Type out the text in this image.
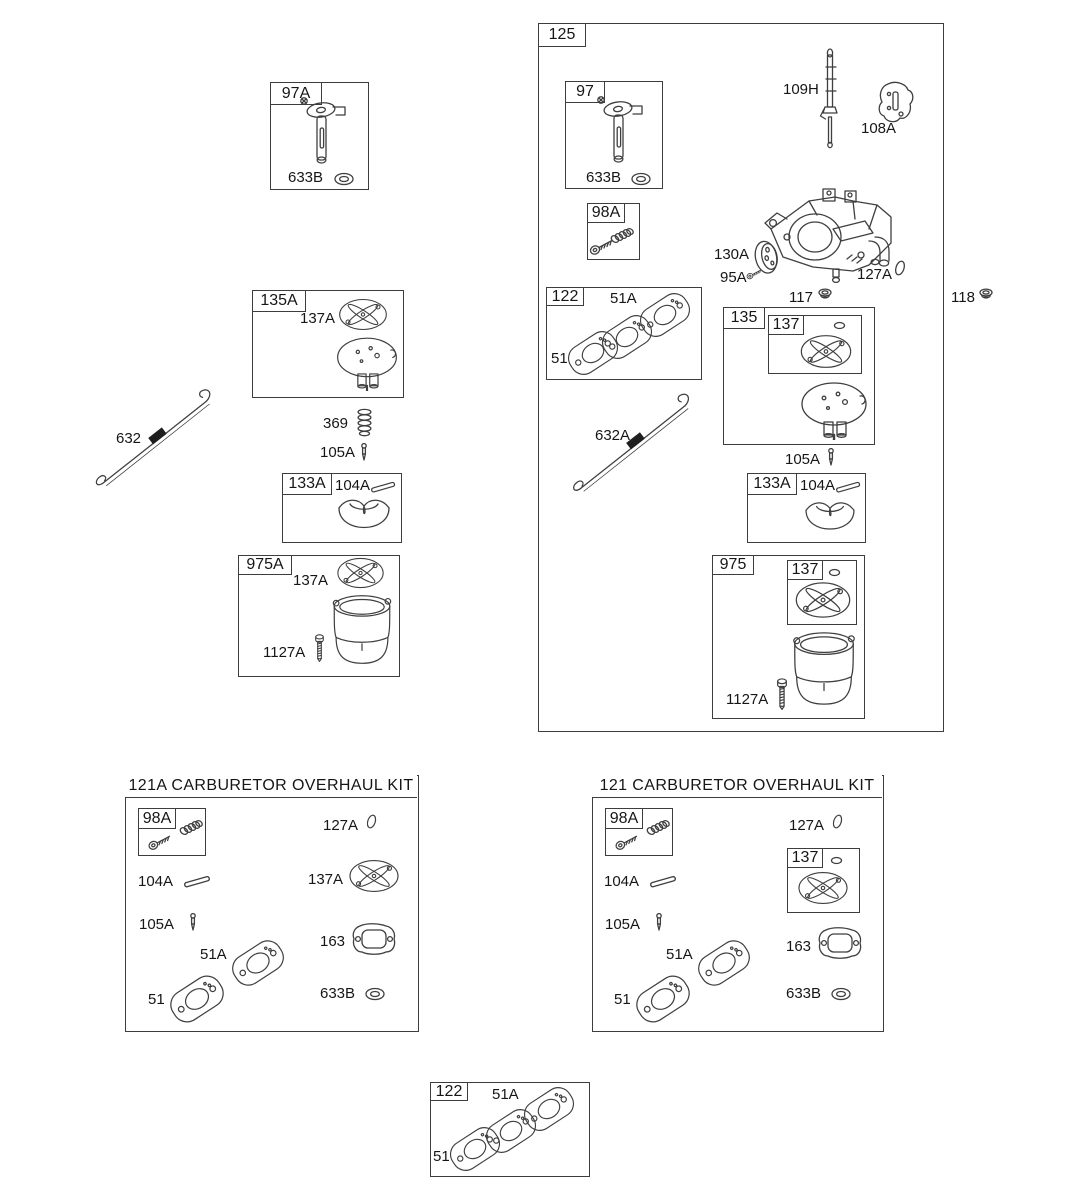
97A
633B
125
97
633B
109H
108A
98A
130A
95A	127A
117	118
122	51A
51
135 137
632A
105A
133A 104A
975	137
1127A
135A
137A
369
105A
133A 104A
632
975A
137A
1127A
121A CARBURETOR OVERHAUL KIT
98A	127A
104A	137A
105A
51A
51
163
633B
121 CARBURETOR OVERHAUL KIT
98A	127A
104A
137
105A
51A
51
163
633B
122	51A
51
